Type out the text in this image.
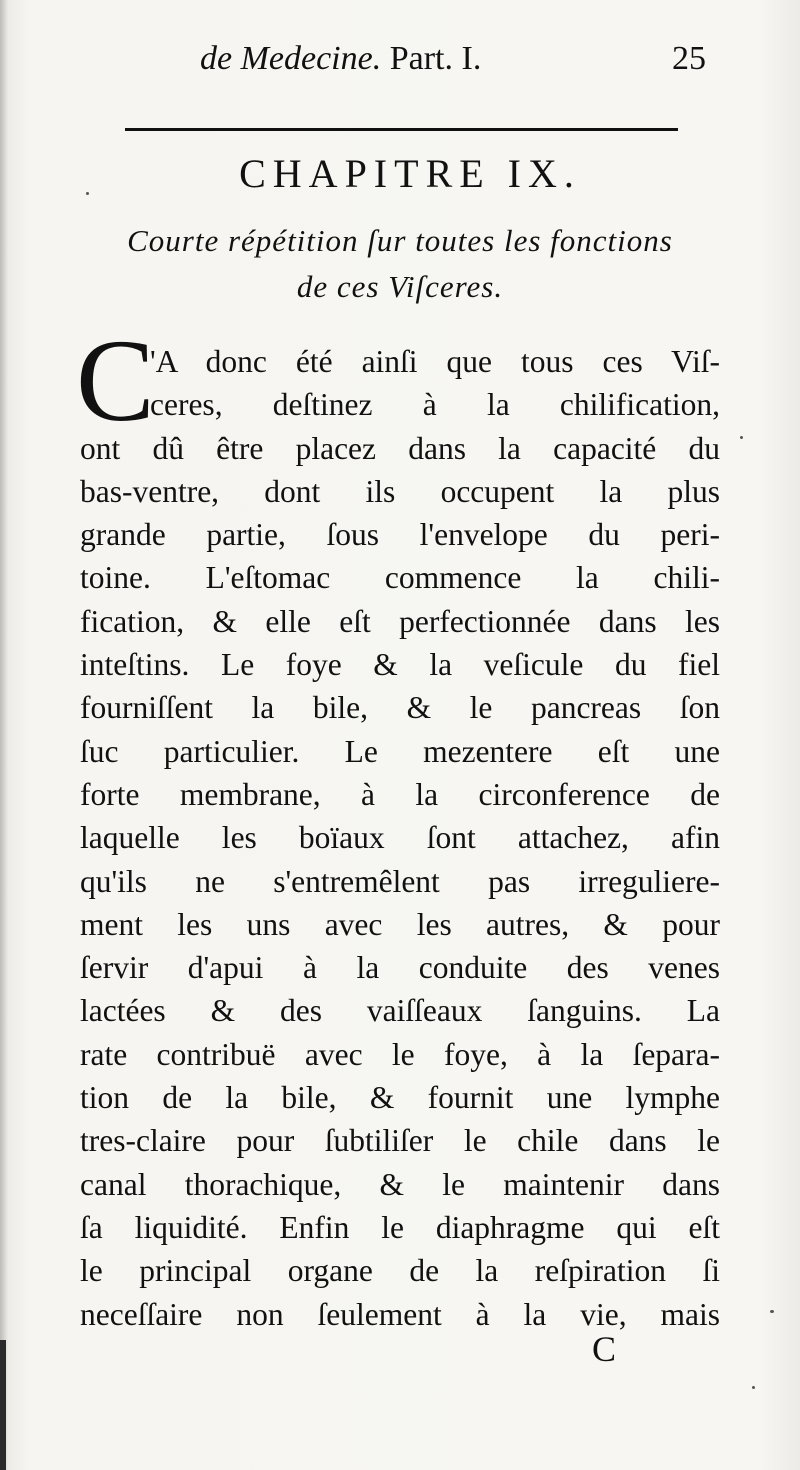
de Medecine. Part. I.	25
CHAPITRE IX.
Courte répétition ſur toutes les fonctions
de ces Viſceres.
C
'A donc été ainſi que tous ces Viſ-
ceres, deſtinez à la chilification,
ont dû être placez dans la capacité du
bas-ventre, dont ils occupent la plus
grande partie, ſous l'envelope du peri-
toine. L'eſtomac commence la chili-
fication, & elle eſt perfectionnée dans les
inteſtins. Le foye & la veſicule du fiel
fourniſſent la bile, & le pancreas ſon
ſuc particulier. Le mezentere eſt une
forte membrane, à la circonference de
laquelle les boïaux ſont attachez, afin
qu'ils ne s'entremêlent pas irreguliere-
ment les uns avec les autres, & pour
ſervir d'apui à la conduite des venes
lactées & des vaiſſeaux ſanguins. La
rate contribuë avec le foye, à la ſepara-
tion de la bile, & fournit une lymphe
tres-claire pour ſubtiliſer le chile dans le
canal thorachique, & le maintenir dans
ſa liquidité. Enfin le diaphragme qui eſt
le principal organe de la reſpiration ſi
neceſſaire non ſeulement à la vie, mais
C
